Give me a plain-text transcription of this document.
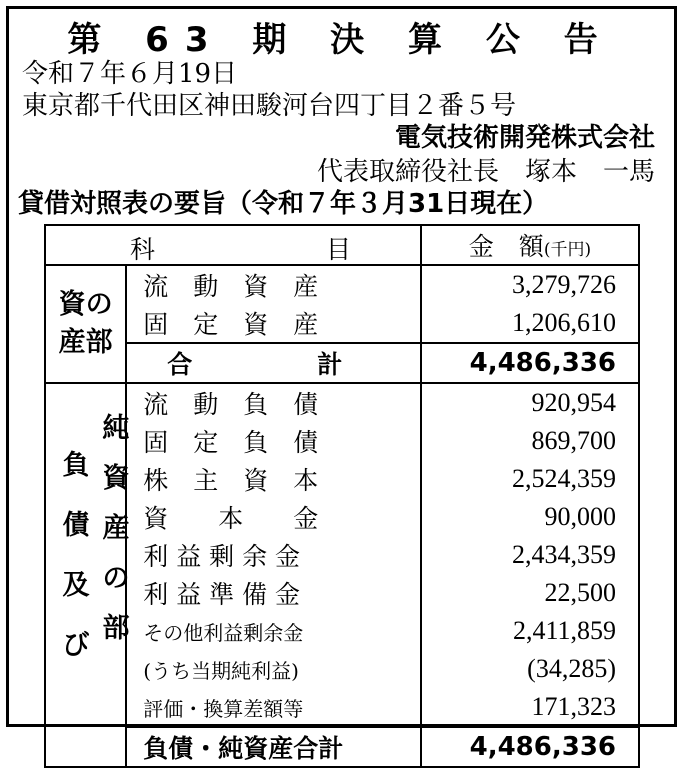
第 63 期 決 算 公 告
令和７年６月19日
東京都千代田区神田駿河台四丁目２番５号
電気技術開発株式会社
代表取締役社長　塚本　一馬
貸借対照表の要旨（令和７年３月31日現在）
科 目		金　額(千円)

資の
産部	流　動　資　産	3,279,726
	固　定　資　産	1,206,610
	合　　　　　計	4,486,336

負債及び
純資産の部	流　動　負　債	920,954
	固　定　負　債	869,700
	株　主　資　本	2,524,359
	資　　本　　金	90,000
	利 益 剰 余 金	2,434,359
	利 益 準 備 金	22,500
	その他利益剰余金	2,411,859
	(うち当期純利益)	(34,285)
	評価・換算差額等	171,323
	負債・純資産合計	4,486,336
